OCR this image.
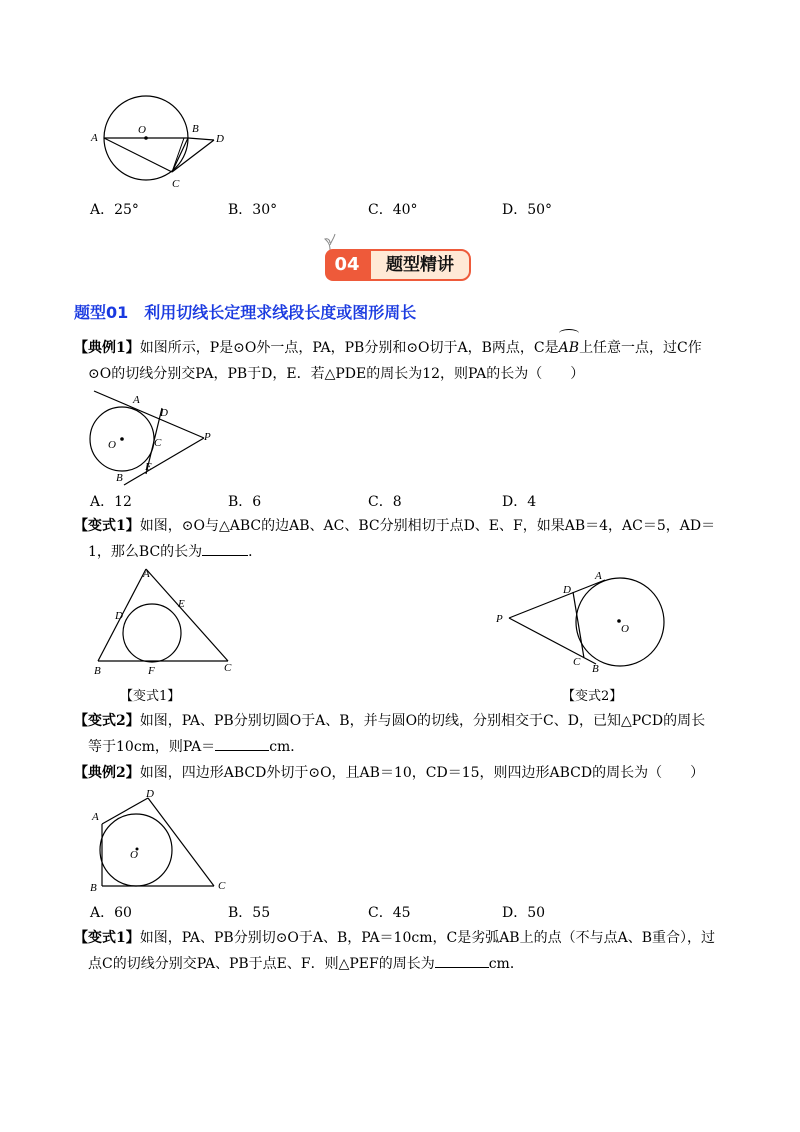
A
O	B
D
C
A．25°	B．30°	C．40°	D．50°
04	题型精讲
题型01　利用切线长定理求线段长度或图形周长
【典例1】如图所示，P是⊙O外一点，PA，PB分别和⊙O切于A，B两点，C是
AB上任意一点，过C作
⊙O的切线分别交PA，PB于D，E．若△PDE的周长为12，则PA的长为（　　）
A
D
O	C	P
E
B
A．12	B．6	C．8	D．4
【变式1】如图，⊙O与△ABC的边AB、AC、BC分别相切于点D、E、F，如果AB＝4，AC＝5，AD＝
1，那么BC的长为	．
A
D
E
B	F	C
D
A
P
O
C
B
【变式1】	【变式2】
【变式2】如图，PA、PB分别切圆O于A、B，并与圆O的切线，分别相交于C、D，已知△PCD的周长
等于10cm，则PA＝	cm．
【典例2】如图，四边形ABCD外切于⊙O，且AB＝10，CD＝15，则四边形ABCD的周长为（　　）
D
A
O
B	C
A．60	B．55	C．45	D．50
【变式1】如图，PA、PB分别切⊙O于A、B，PA＝10cm，C是劣弧AB上的点（不与点A、B重合），过
点C的切线分别交PA、PB于点E、F．则△PEF的周长为	cm．
